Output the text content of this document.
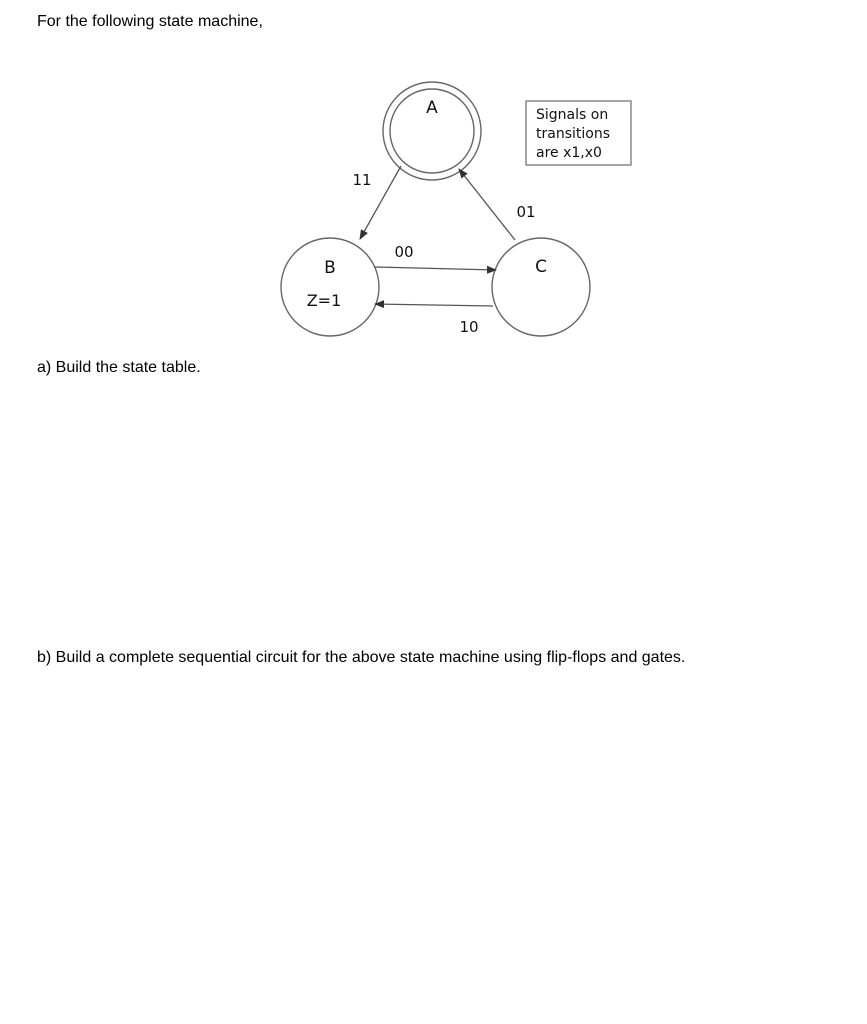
For the following state machine,
A
B
Z=1
C
11
00
01
10
Signals on
transitions
are x1,x0
a) Build the state table.
b) Build a complete sequential circuit for the above state machine using flip-flops and gates.
